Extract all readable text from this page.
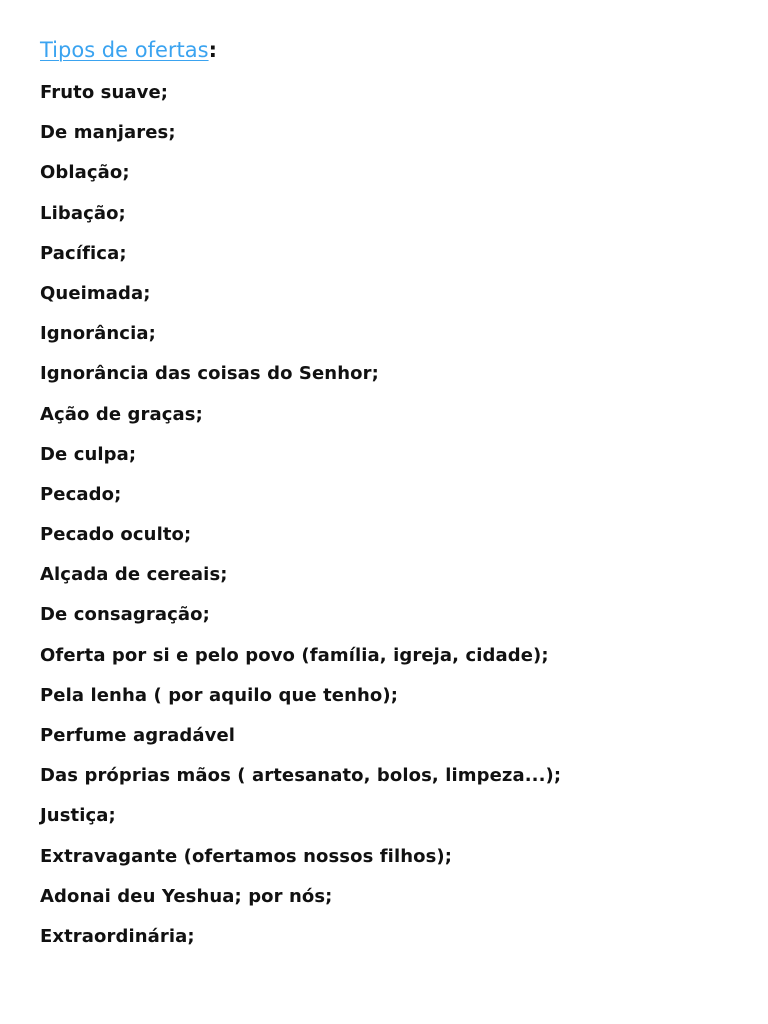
Tipos de ofertas:
Fruto suave;
De manjares;
Oblação;
Libação;
Pacífica;
Queimada;
Ignorância;
Ignorância das coisas do Senhor;
Ação de graças;
De culpa;
Pecado;
Pecado oculto;
Alçada de cereais;
De consagração;
Oferta por si e pelo povo (família, igreja, cidade);
Pela lenha ( por aquilo que tenho);
Perfume agradável
Das próprias mãos ( artesanato, bolos, limpeza...);
Justiça;
Extravagante (ofertamos nossos filhos);
Adonai deu Yeshua; por nós;
Extraordinária;
